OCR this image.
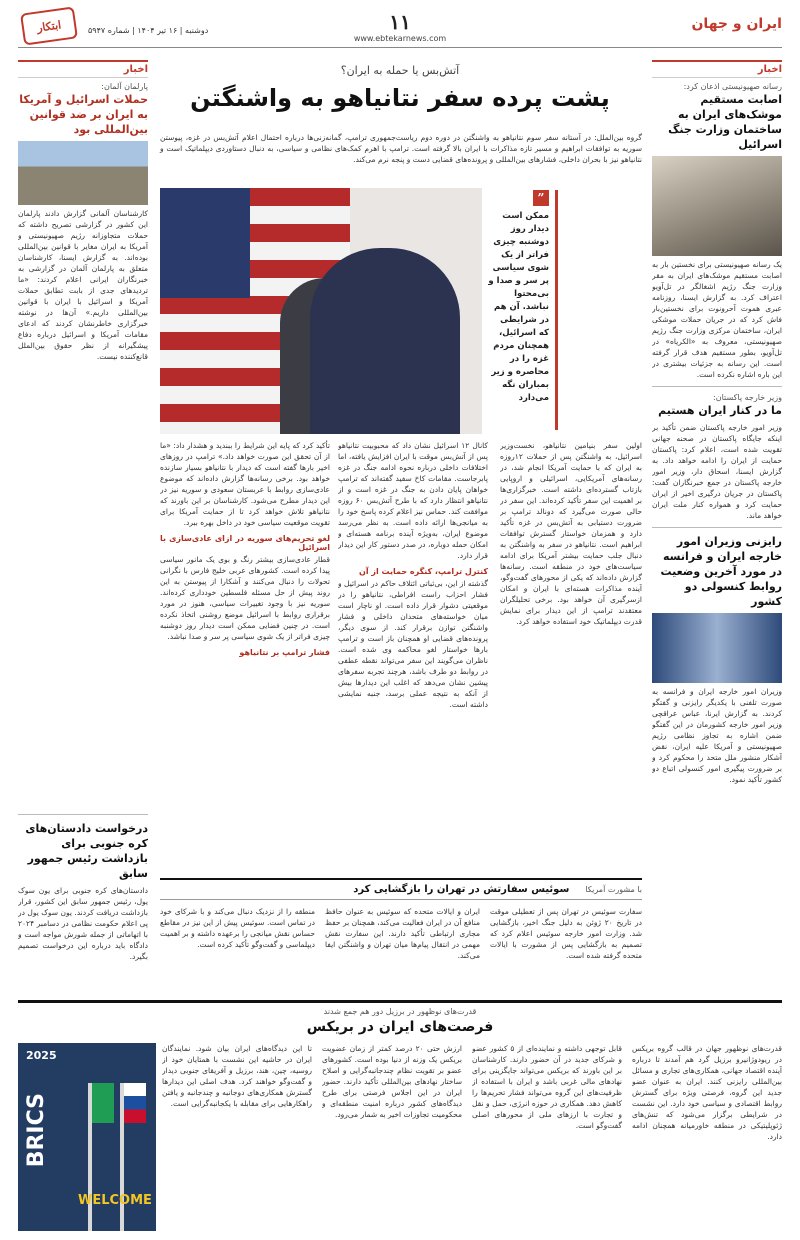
ایران و جهان
۱۱
www.ebtekarnews.com
دوشنبه | ۱۶ تیر ۱۴۰۴ | شماره ۵۹۴۷
ابتکار
اخبار
رسانه صهیونیستی اذعان کرد:
اصابت مستقیم موشک‌های ایران به ساختمان وزارت جنگ اسرائیل
یک رسانه صهیونیستی برای نخستین بار به اصابت مستقیم موشک‌های ایران به مقر وزارت جنگ رژیم اشغالگر در تل‌آویو اعتراف کرد. به گزارش ایسنا، روزنامه عبری هموت آحرونوت برای نخستین‌بار فاش کرد که در جریان حملات موشکی ایران، ساختمان مرکزی وزارت جنگ رژیم صهیونیستی، معروف به «الکریاه» در تل‌آویو، بطور مستقیم هدف قرار گرفته است. این رسانه به جزئیات بیشتری در این باره اشاره نکرده است.
وزیر خارجه پاکستان:
ما در کنار ایران هستیم
وزیر امور خارجه پاکستان ضمن تأکید بر اینکه جایگاه پاکستان در صحنه جهانی تقویت شده است، اعلام کرد: پاکستان حمایت از ایران را ادامه خواهد داد. به گزارش ایسنا، اسحاق دار، وزیر امور خارجه پاکستان در جمع خبرنگاران گفت: پاکستان در جریان درگیری اخیر از ایران حمایت کرد و همواره کنار ملت ایران خواهد ماند.
رایزنی وزیران امور خارجه ایران و فرانسه در مورد آخرین وضعیت روابط کنسولی دو کشور
وزیران امور خارجه ایران و فرانسه به صورت تلفنی با یکدیگر رایزنی و گفتگو کردند. به گزارش ایرنا، عباس عراقچی وزیر امور خارجه کشورمان در این گفتگو ضمن اشاره به تجاوز نظامی رژیم صهیونیستی و آمریکا علیه ایران، نقض آشکار منشور ملل متحد را محکوم کرد و بر ضرورت پیگیری امور کنسولی اتباع دو کشور تأکید نمود.
اخبار
پارلمان آلمان:
حملات اسرائیل و آمریکا به ایران بر ضد قوانین بین‌المللی بود
کارشناسان آلمانی گزارش دادند پارلمان این کشور در گزارشی تصریح داشته که حملات متجاوزانه رژیم صهیونیستی و آمریکا به ایران مغایر با قوانین بین‌المللی بوده‌اند. به گزارش ایسنا، کارشناسان متعلق به پارلمان آلمان در گزارشی به خبرنگاران ایرانی اعلام کردند: «ما تردیدهای جدی از بابت تطابق حملات آمریکا و اسرائیل با ایران با قوانین بین‌المللی داریم.» آن‌ها در نوشته خبرگزاری خاطرنشان کردند که ادعای مقامات آمریکا و اسرائیل درباره دفاع پیشگیرانه از نظر حقوق بین‌الملل قانع‌کننده نیست.
درخواست دادستان‌های کره جنوبی برای بازداشت رئیس جمهور سابق
دادستان‌های کره جنوبی برای یون سوک یول، رئیس جمهور سابق این کشور، قرار بازداشت دریافت کردند. یون سوک یول در پی اعلام حکومت نظامی در دسامبر ۲۰۲۴ با اتهاماتی از جمله شورش مواجه است و دادگاه باید درباره این درخواست تصمیم بگیرد.
آتش‌بس یا حمله به ایران؟
پشت پرده سفر نتانیاهو به واشنگتن
گروه بین‌الملل: در آستانه سفر سوم نتانیاهو به واشنگتن در دوره دوم ریاست‌جمهوری ترامپ، گمانه‌زنی‌ها درباره احتمال اعلام آتش‌بس در غزه، پیوستن سوریه به توافقات ابراهیم و مسیر تازه مذاکرات با ایران بالا گرفته است. ترامپ با اهرم کمک‌های نظامی و سیاسی، به دنبال دستاوردی دیپلماتیک است و نتانیاهو نیز با بحران داخلی، فشارهای بین‌المللی و پرونده‌های قضایی دست و پنجه نرم می‌کند.
”
ممکن است دیدار روز دوشنبه چیزی فراتر از یک شوی سیاسی پر سر و صدا و بی‌محتوا نباشد. آن هم در شرایطی که اسرائیل، همچنان مردم غزه را در محاصره و زیر بمباران نگه می‌دارد
اولین سفر بنیامین نتانیاهو، نخست‌وزیر اسرائیل، به واشنگتن پس از حملات ۱۲روزه به ایران که با حمایت آمریکا انجام شد، در رسانه‌های آمریکایی، اسرائیلی و اروپایی بازتاب گسترده‌ای داشته است. خبرگزاری‌ها بر اهمیت این سفر تأکید کرده‌اند. این سفر در حالی صورت می‌گیرد که دونالد ترامپ بر ضرورت دستیابی به آتش‌بس در غزه تأکید دارد و همزمان خواستار گسترش توافقات ابراهیم است. نتانیاهو در سفر به واشنگتن به دنبال جلب حمایت بیشتر آمریکا برای ادامه سیاست‌های خود در منطقه است. رسانه‌ها گزارش داده‌اند که یکی از محورهای گفت‌وگو، آینده مذاکرات هسته‌ای با ایران و امکان ازسرگیری آن خواهد بود. برخی تحلیلگران معتقدند ترامپ از این دیدار برای نمایش قدرت دیپلماتیک خود استفاده خواهد کرد.
کانال ۱۲ اسرائیل نشان داد که محبوبیت نتانیاهو پس از آتش‌بس موقت با ایران افزایش یافته، اما اختلافات داخلی درباره نحوه ادامه جنگ در غزه پابرجاست. مقامات کاخ سفید گفته‌اند که ترامپ خواهان پایان دادن به جنگ در غزه است و از نتانیاهو انتظار دارد که با طرح آتش‌بس ۶۰ روزه موافقت کند. حماس نیز اعلام کرده پاسخ خود را به میانجی‌ها ارائه داده است. به نظر می‌رسد موضوع ایران، به‌ویژه آینده برنامه هسته‌ای و امکان حمله دوباره، در صدر دستور کار این دیدار قرار دارد.
کنترل ترامپ، کنگره حمایت از آن
گذشته از این، بی‌ثباتی ائتلاف حاکم در اسرائیل و فشار احزاب راست افراطی، نتانیاهو را در موقعیتی دشوار قرار داده است. او ناچار است میان خواسته‌های متحدان داخلی و فشار واشنگتن توازن برقرار کند. از سوی دیگر، پرونده‌های قضایی او همچنان باز است و ترامپ بارها خواستار لغو محاکمه وی شده است. ناظران می‌گویند این سفر می‌تواند نقطه عطفی در روابط دو طرف باشد، هرچند تجربه سفرهای پیشین نشان می‌دهد که اغلب این دیدارها بیش از آنکه به نتیجه عملی برسد، جنبه نمایشی داشته است.
تأکید کرد که پایه این شرایط را ببندید و هشدار داد: «ما از آن تحقق این صورت خواهد داد.» ترامپ در روزهای اخیر بارها گفته است که دیدار با نتانیاهو بسیار سازنده خواهد بود. برخی رسانه‌ها گزارش داده‌اند که موضوع عادی‌سازی روابط با عربستان سعودی و سوریه نیز در این دیدار مطرح می‌شود. کارشناسان بر این باورند که نتانیاهو تلاش خواهد کرد تا از حمایت آمریکا برای تقویت موقعیت سیاسی خود در داخل بهره ببرد.
لغو تحریم‌های سوریه در ازای عادی‌سازی با اسرائیل
قطار عادی‌سازی بیشتر رنگ و بوی یک مانور سیاسی پیدا کرده است. کشورهای عربی خلیج فارس با نگرانی تحولات را دنبال می‌کنند و آشکارا از پیوستن به این روند پیش از حل مسئله فلسطین خودداری کرده‌اند. سوریه نیز با وجود تغییرات سیاسی، هنوز در مورد برقراری روابط با اسرائیل موضع روشنی اتخاذ نکرده است. در چنین فضایی ممکن است دیدار روز دوشنبه چیزی فراتر از یک شوی سیاسی پر سر و صدا نباشد.
فشار ترامپ بر نتانیاهو
با مشورت آمریکا
سوئیس سفارتش در تهران را بازگشایی کرد
سفارت سوئیس در تهران پس از تعطیلی موقت در تاریخ ۲۰ ژوئن به دلیل جنگ اخیر، بازگشایی شد. وزارت امور خارجه سوئیس اعلام کرد که تصمیم به بازگشایی پس از مشورت با ایالات متحده گرفته شده است.
ایران و ایالات متحده که سوئیس به عنوان حافظ منافع آن در ایران فعالیت می‌کند، همچنان بر حفظ مجاری ارتباطی تأکید دارند. این سفارت نقش مهمی در انتقال پیام‌ها میان تهران و واشنگتن ایفا می‌کند.
منطقه را از نزدیک دنبال می‌کند و با شرکای خود در تماس است. سوئیس پیش از این نیز در مقاطع حساس نقش میانجی را برعهده داشته و بر اهمیت دیپلماسی و گفت‌وگو تأکید کرده است.
قدرت‌های نوظهور در برزیل دور هم جمع شدند
فرصت‌های ایران در بریکس
2025
BRICS
WELCOME
قدرت‌های نوظهور جهان در قالب گروه بریکس در ریودوژانیرو برزیل گرد هم آمدند تا درباره آینده اقتصاد جهانی، همکاری‌های تجاری و مسائل بین‌المللی رایزنی کنند. ایران به عنوان عضو جدید این گروه، فرصتی ویژه برای گسترش روابط اقتصادی و سیاسی خود دارد. این نشست در شرایطی برگزار می‌شود که تنش‌های ژئوپلیتیکی در منطقه خاورمیانه همچنان ادامه دارد.
قابل توجهی داشته و نماینده‌ای از ۵ کشور عضو و شرکای جدید در آن حضور دارند. کارشناسان بر این باورند که بریکس می‌تواند جایگزینی برای نهادهای مالی غربی باشد و ایران با استفاده از ظرفیت‌های این گروه می‌تواند فشار تحریم‌ها را کاهش دهد. همکاری در حوزه انرژی، حمل و نقل و تجارت با ارزهای ملی از محورهای اصلی گفت‌وگو است.
ارزش حتی ۲۰ درصد کمتر از زمان عضویت بریکس یک وزنه از دنیا بوده است. کشورهای عضو بر تقویت نظام چندجانبه‌گرایی و اصلاح ساختار نهادهای بین‌المللی تأکید دارند. حضور ایران در این اجلاس فرصتی برای طرح دیدگاه‌های کشور درباره امنیت منطقه‌ای و محکومیت تجاوزات اخیر به شمار می‌رود.
تا این دیدگاه‌های ایران بیان شود. نمایندگان ایران در حاشیه این نشست با همتایان خود از روسیه، چین، هند، برزیل و آفریقای جنوبی دیدار و گفت‌وگو خواهند کرد. هدف اصلی این دیدارها گسترش همکاری‌های دوجانبه و چندجانبه و یافتن راهکارهایی برای مقابله با یکجانبه‌گرایی است.
